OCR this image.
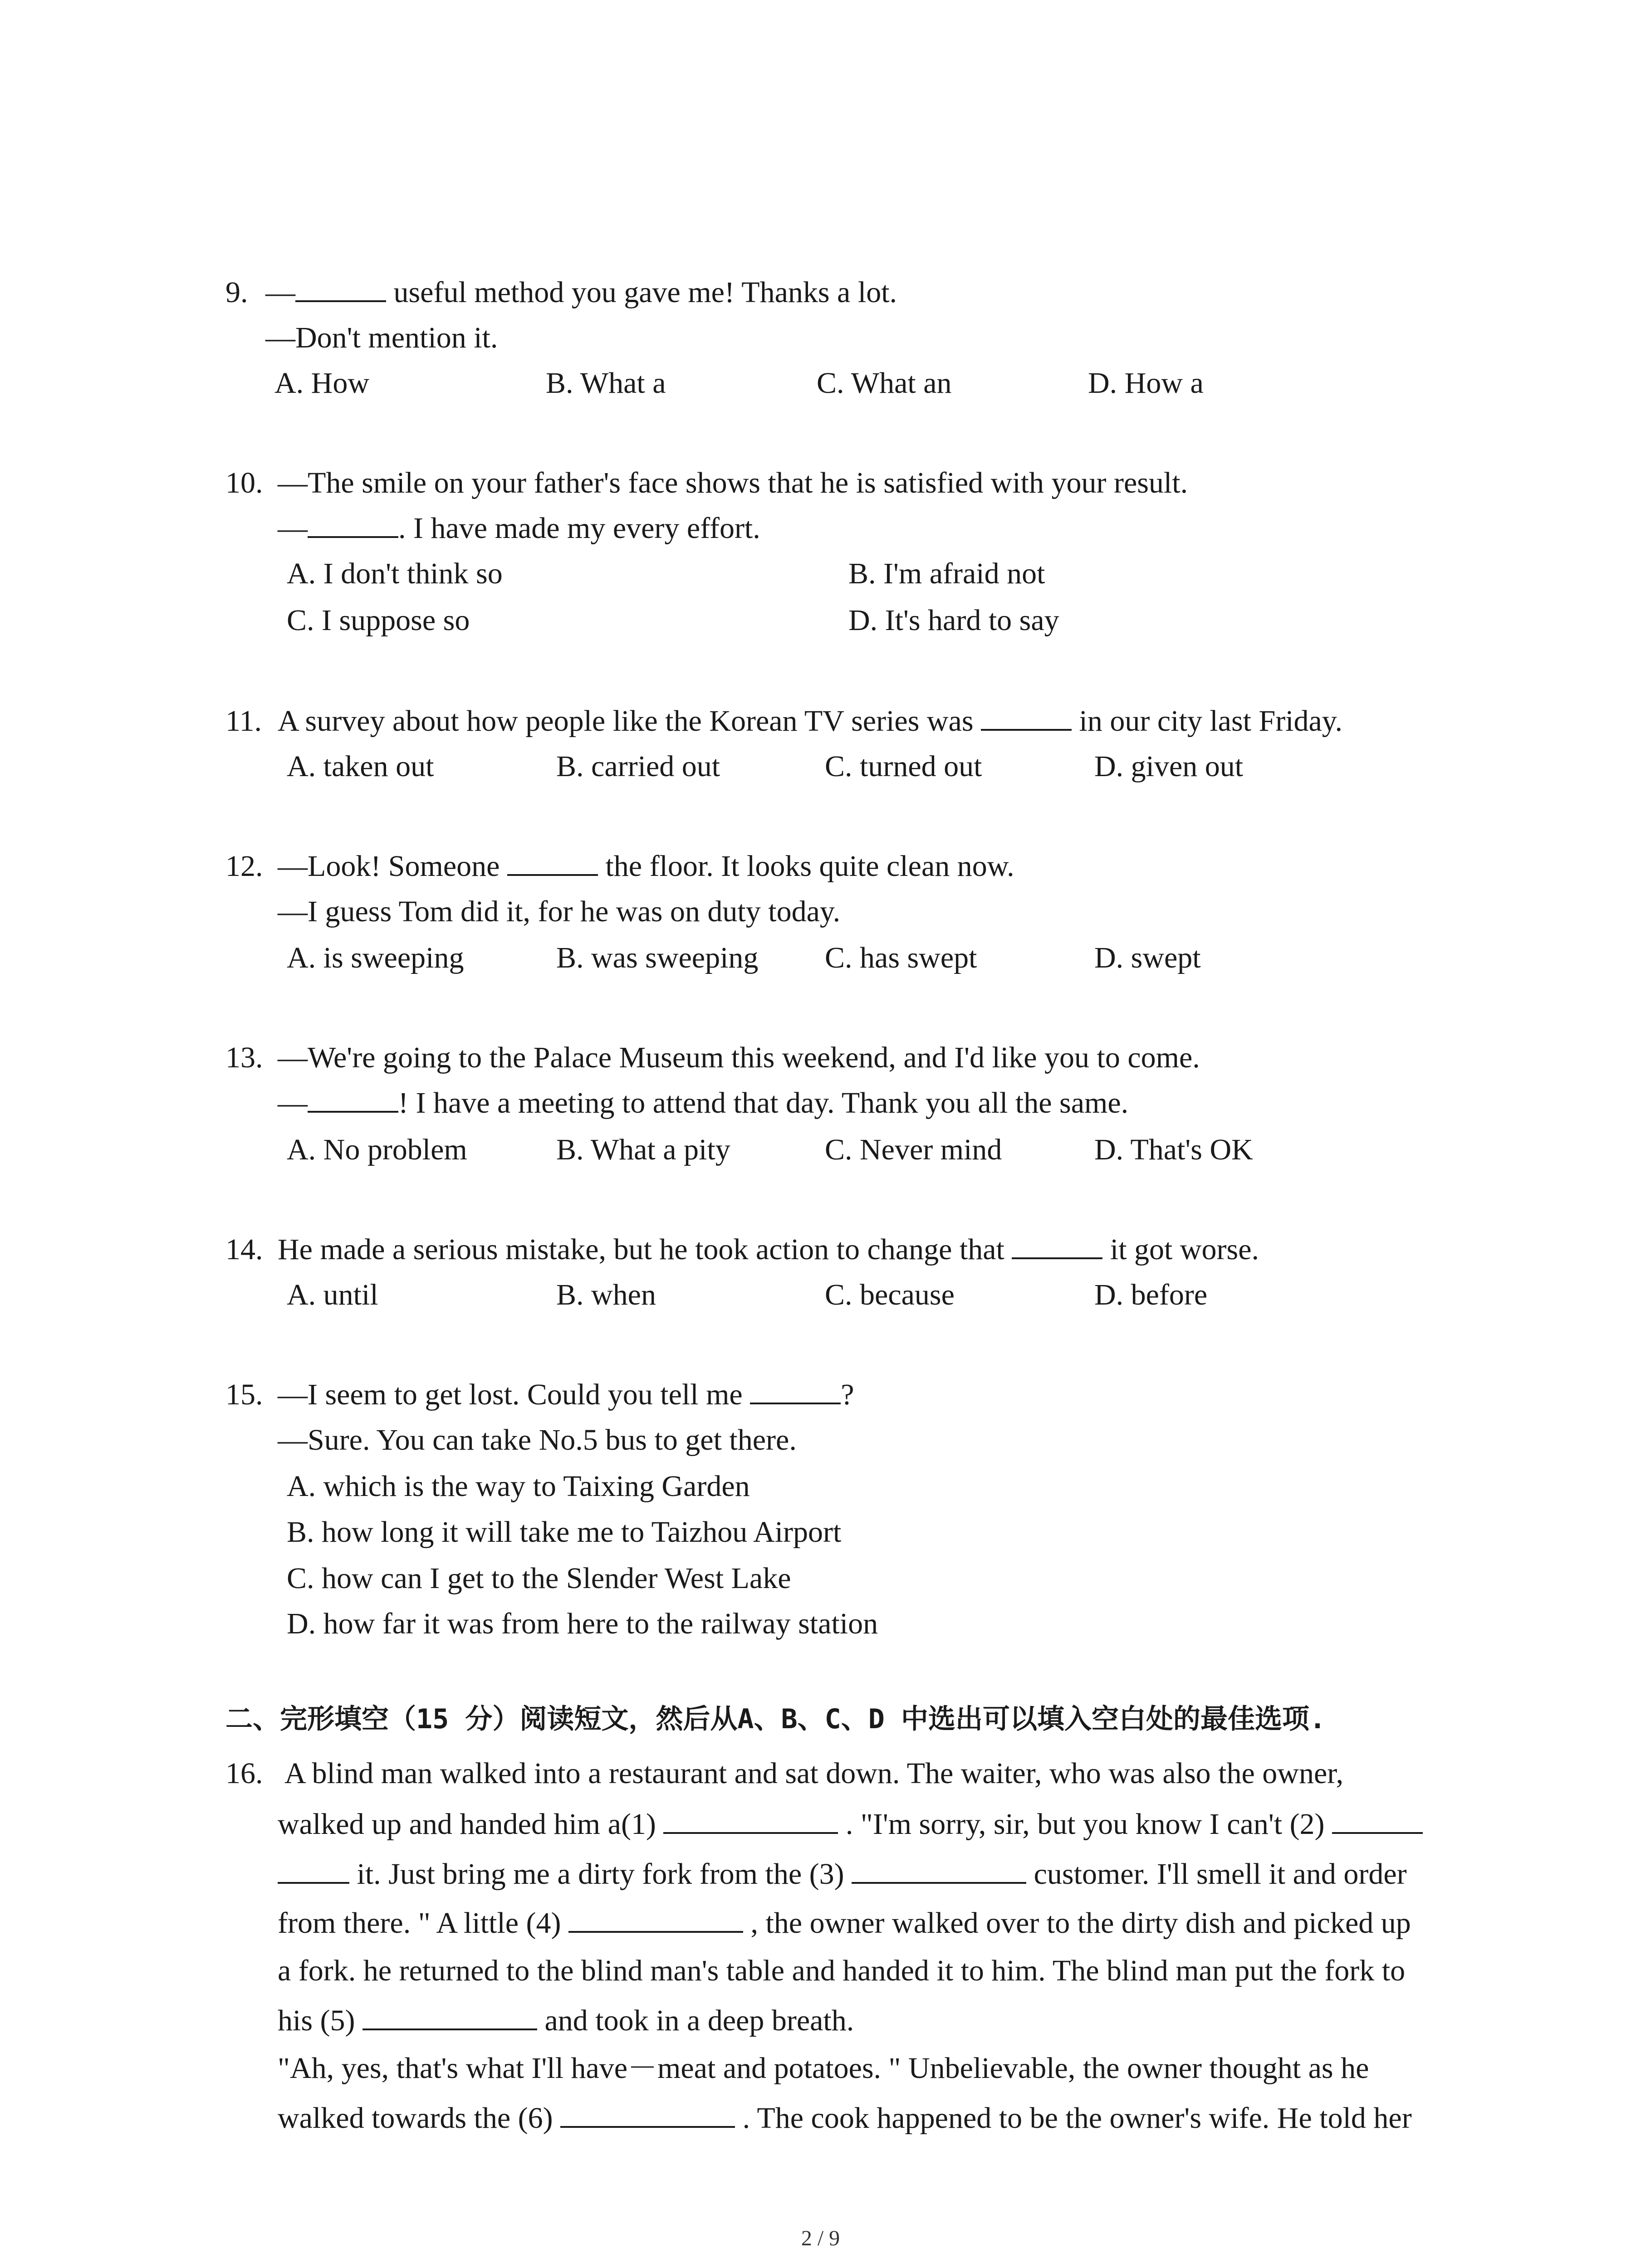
9. —	useful method you gave me! Thanks a lot.
—Don't mention it.
A. How	B. What a	C. What an	D. How a
10. —The smile on your father's face shows that he is satisfied with your result.
—	. I have made my every effort.
A. I don't think so	B. I'm afraid not
C. I suppose so	D. It's hard to say
11. A survey about how people like the Korean TV series was	in our city last Friday.
A. taken out	B. carried out	C. turned out	D. given out
12. —Look! Someone	the floor. It looks quite clean now.
—I guess Tom did it, for he was on duty today.
A. is sweeping	B. was sweeping C. has swept	D. swept
13. —We're going to the Palace Museum this weekend, and I'd like you to come.
—	! I have a meeting to attend that day. Thank you all the same.
A. No problem	B. What a pity	C. Never mind	D. That's OK
14. He made a serious mistake, but he took action to change that	it got worse.
A. until	B. when	C. because	D. before
15. —I seem to get lost. Could you tell me	?
—Sure. You can take No.5 bus to get there.
A. which is the way to Taixing Garden
B. how long it will take me to Taizhou Airport
C. how can I get to the Slender West Lake
D. how far it was from here to the railway station
二、完形填空（15 分）阅读短文，然后从A、B、C、D 中选出可以填入空白处的最佳选项.
16. A blind man walked into a restaurant and sat down. The waiter, who was also the owner,
walked up and handed him a(1)	. "I'm sorry, sir, but you know I can't (2)
it. Just bring me a dirty fork from the (3)	customer. I'll smell it and order
from there. " A little (4)	, the owner walked over to the dirty dish and picked up
a fork. he returned to the blind man's table and handed it to him. The blind man put the fork to
his (5)	and took in a deep breath.
"Ah, yes, that's what I'll have－meat and potatoes. " Unbelievable, the owner thought as he
walked towards the (6)	. The cook happened to be the owner's wife. He told her
2 / 9
